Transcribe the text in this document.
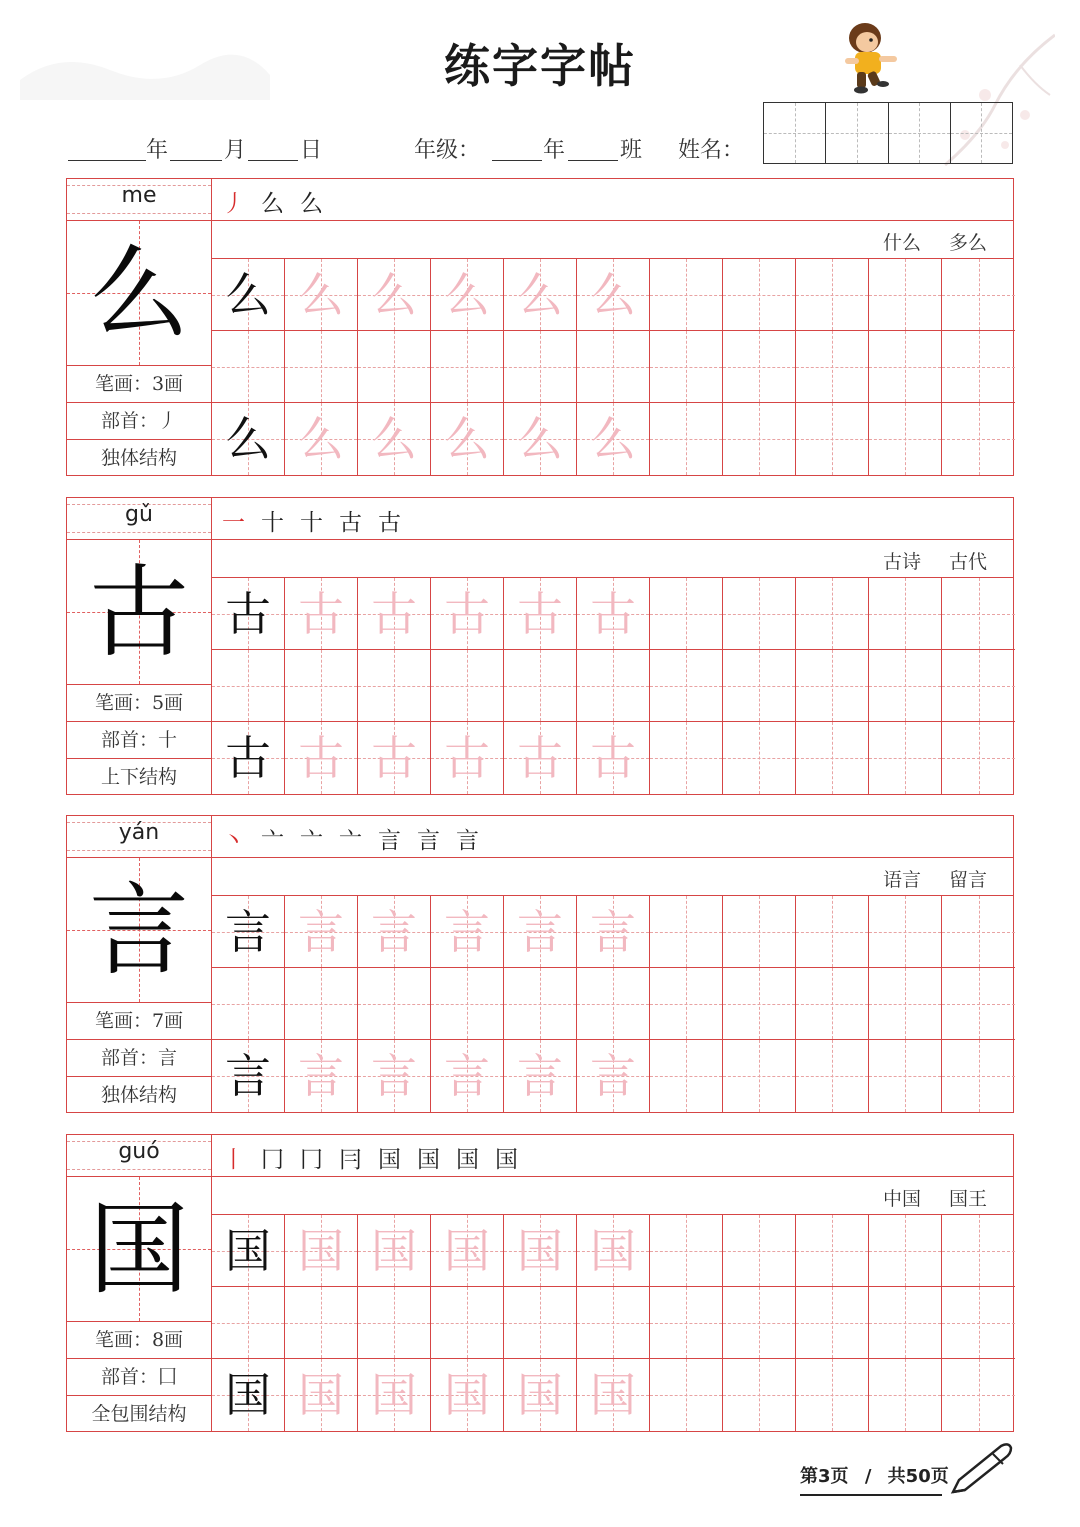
练字字帖
年	月 日	年级：	年 班 姓名：
me
么
笔画：3画
部首：丿
独体结构
丿 么 么
什么 多么
么 么 么 么 么 么
么 么 么 么 么 么
gǔ
古
笔画：5画
部首：十
上下结构
一 十 十 古 古
古诗 古代
古 古 古 古 古 古
古 古 古 古 古 古
yán
言
笔画：7画
部首：言
独体结构
丶 亠 亠 亠 言 言 言
语言 留言
言 言 言 言 言 言
言 言 言 言 言 言
guó
国
笔画：8画
部首：囗
全包围结构
丨 冂 冂 冃 国 国 国 国
中国 国王
国 国 国 国 国 国
国 国 国 国 国 国
第3页 / 共50页
